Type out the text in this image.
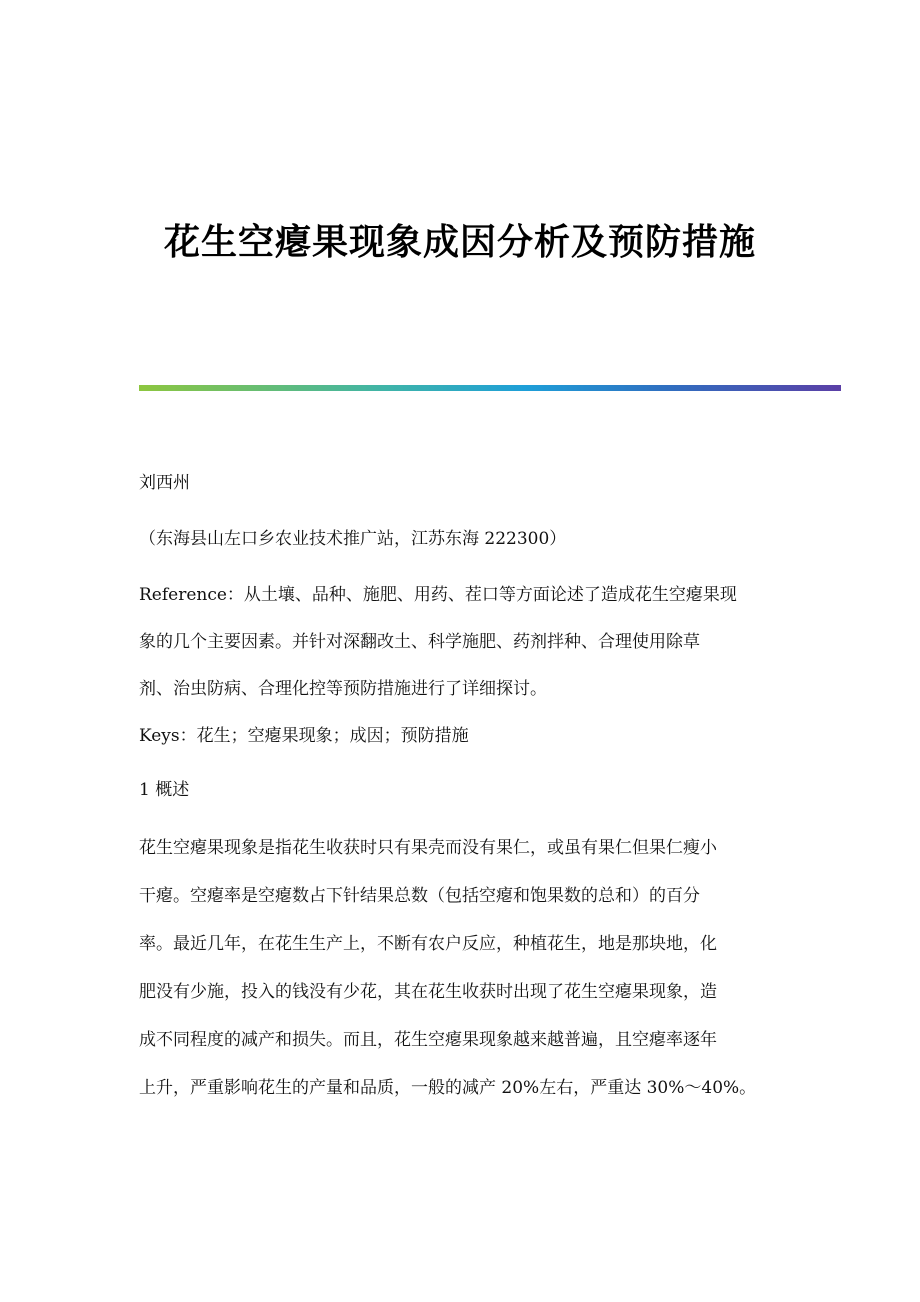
花生空瘪果现象成因分析及预防措施
刘西州
（东海县山左口乡农业技术推广站，江苏东海 222300）
Reference：从土壤、品种、施肥、用药、茬口等方面论述了造成花生空瘪果现
象的几个主要因素。并针对深翻改土、科学施肥、药剂拌种、合理使用除草
剂、治虫防病、合理化控等预防措施进行了详细探讨。
Keys：花生；空瘪果现象；成因；预防措施
1 概述
花生空瘪果现象是指花生收获时只有果壳而没有果仁，或虽有果仁但果仁瘦小
干瘪。空瘪率是空瘪数占下针结果总数（包括空瘪和饱果数的总和）的百分
率。最近几年，在花生生产上，不断有农户反应，种植花生，地是那块地，化
肥没有少施，投入的钱没有少花，其在花生收获时出现了花生空瘪果现象，造
成不同程度的减产和损失。而且，花生空瘪果现象越来越普遍，且空瘪率逐年
上升，严重影响花生的产量和品质，一般的减产 20%左右，严重达 30%～40%。
